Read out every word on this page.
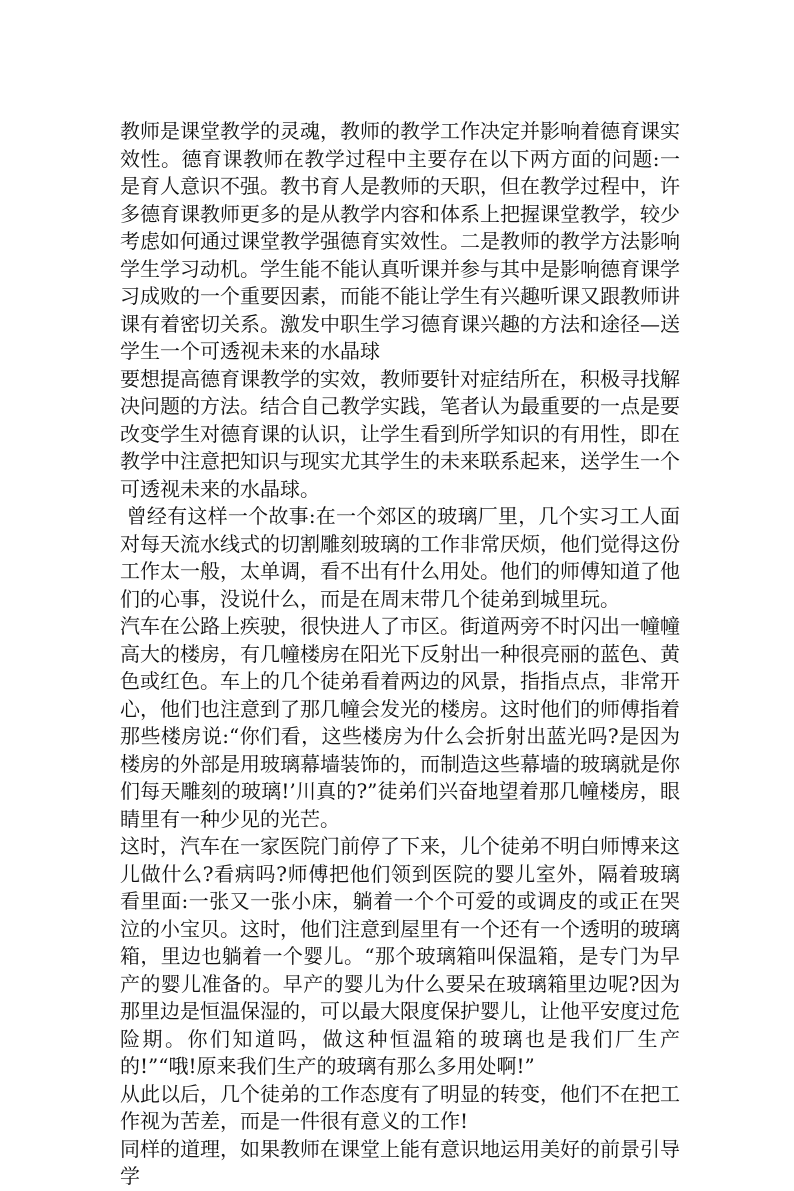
教师是课堂教学的灵魂，教师的教学工作决定并影响着德育课实效性。德育课教师在教学过程中主要存在以下两方面的问题:一是育人意识不强。教书育人是教师的天职，但在教学过程中，许多德育课教师更多的是从教学内容和体系上把握课堂教学，较少考虑如何通过课堂教学强德育实效性。二是教师的教学方法影响学生学习动机。学生能不能认真听课并参与其中是影响德育课学习成败的一个重要因素，而能不能让学生有兴趣听课又跟教师讲课有着密切关系。激发中职生学习德育课兴趣的方法和途径—送学生一个可透视未来的水晶球

要想提高德育课教学的实效，教师要针对症结所在，积极寻找解决问题的方法。结合自己教学实践，笔者认为最重要的一点是要改变学生对德育课的认识，让学生看到所学知识的有用性，即在教学中注意把知识与现实尤其学生的未来联系起来，送学生一个可透视未来的水晶球。

曾经有这样一个故事:在一个郊区的玻璃厂里，几个实习工人面对每天流水线式的切割雕刻玻璃的工作非常厌烦，他们觉得这份工作太一般，太单调，看不出有什么用处。他们的师傅知道了他们的心事，没说什么，而是在周末带几个徒弟到城里玩。

汽车在公路上疾驶，很快进人了市区。街道两旁不时闪出一幢幢高大的楼房，有几幢楼房在阳光下反射出一种很亮丽的蓝色、黄色或红色。车上的几个徒弟看着两边的风景，指指点点，非常开心，他们也注意到了那几幢会发光的楼房。这时他们的师傅指着那些楼房说:“你们看，这些楼房为什么会折射出蓝光吗?是因为楼房的外部是用玻璃幕墙装饰的，而制造这些幕墙的玻璃就是你们每天雕刻的玻璃!’川真的?”徒弟们兴奋地望着那几幢楼房，眼睛里有一种少见的光芒。

这时，汽车在一家医院门前停了下来，儿个徒弟不明白师博来这儿做什么?看病吗?师傅把他们领到医院的婴儿室外，隔着玻璃看里面:一张又一张小床，躺着一个个可爱的或调皮的或正在哭泣的小宝贝。这时，他们注意到屋里有一个还有一个透明的玻璃箱，里边也躺着一个婴儿。“那个玻璃箱叫保温箱，是专门为早产的婴儿准备的。早产的婴儿为什么要呆在玻璃箱里边呢?因为那里边是恒温保湿的，可以最大限度保护婴儿，让他平安度过危险期。你们知道吗，做这种恒温箱的玻璃也是我们厂生产的!”“哦!原来我们生产的玻璃有那么多用处啊!”

从此以后，几个徒弟的工作态度有了明显的转变，他们不在把工作视为苦差，而是一件很有意义的工作!

同样的道理，如果教师在课堂上能有意识地运用美好的前景引导学
